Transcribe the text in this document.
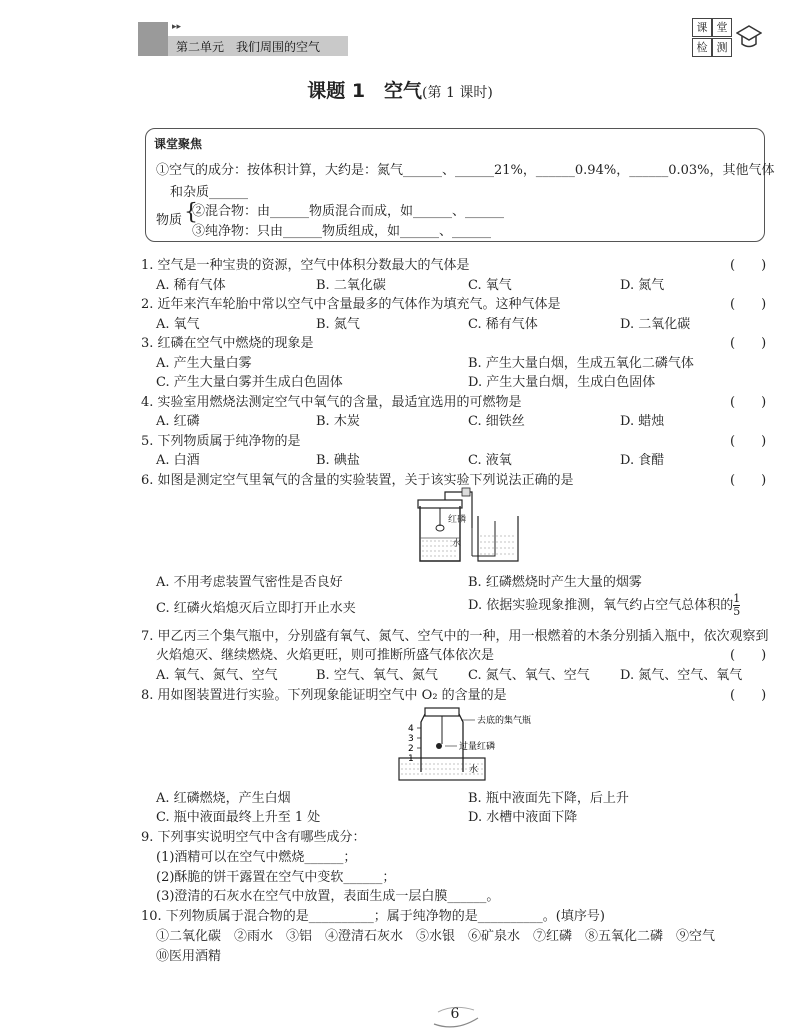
▸▸
第二单元　我们周围的空气
课 堂
检 测
课题 1　空气(第 1 课时)
课堂聚焦
①空气的成分：按体积计算，大约是：氮气______、______21%，______0.94%，______0.03%，其他气体
和杂质______
物质 {
②混合物：由______物质混合而成，如______、______
③纯净物：只由______物质组成，如______、______
1. 空气是一种宝贵的资源，空气中体积分数最大的气体是	(　　)
A. 稀有气体	B. 二氧化碳	C. 氧气	D. 氮气
2. 近年来汽车轮胎中常以空气中含量最多的气体作为填充气。这种气体是	(　　)
A. 氧气	B. 氮气	C. 稀有气体	D. 二氧化碳
3. 红磷在空气中燃烧的现象是	(　　)
A. 产生大量白雾	B. 产生大量白烟，生成五氧化二磷气体
C. 产生大量白雾并生成白色固体	D. 产生大量白烟，生成白色固体
4. 实验室用燃烧法测定空气中氧气的含量，最适宜选用的可燃物是	(　　)
A. 红磷	B. 木炭	C. 细铁丝	D. 蜡烛
5. 下列物质属于纯净物的是	(　　)
A. 白酒	B. 碘盐	C. 液氧	D. 食醋
6. 如图是测定空气里氧气的含量的实验装置，关于该实验下列说法正确的是	(　　)
红磷
水
A. 不用考虑装置气密性是否良好	B. 红磷燃烧时产生大量的烟雾
C. 红磷火焰熄灭后立即打开止水夹	D. 依据实验现象推测，氧气约占空气总体积的 $\frac{1}{5}$
7. 甲乙丙三个集气瓶中，分别盛有氧气、氮气、空气中的一种，用一根燃着的木条分别插入瓶中，依次观察到
火焰熄灭、继续燃烧、火焰更旺，则可推断所盛气体依次是	(　　)
A. 氧气、氮气、空气	B. 空气、氧气、氮气 C. 氮气、氧气、空气 D. 氮气、空气、氧气
8. 用如图装置进行实验。下列现象能证明空气中 O₂ 的含量的是	(　　)
4
3
2
1
去底的集气瓶
过量红磷
水
A. 红磷燃烧，产生白烟	B. 瓶中液面先下降，后上升
C. 瓶中液面最终上升至 1 处	D. 水槽中液面下降
9. 下列事实说明空气中含有哪些成分：
(1)酒精可以在空气中燃烧______；
(2)酥脆的饼干露置在空气中变软______；
(3)澄清的石灰水在空气中放置，表面生成一层白膜______。
10. 下列物质属于混合物的是__________；属于纯净物的是__________。(填序号)
①二氧化碳　②雨水　③铝　④澄清石灰水　⑤水银　⑥矿泉水　⑦红磷　⑧五氧化二磷　⑨空气
⑩医用酒精
6
